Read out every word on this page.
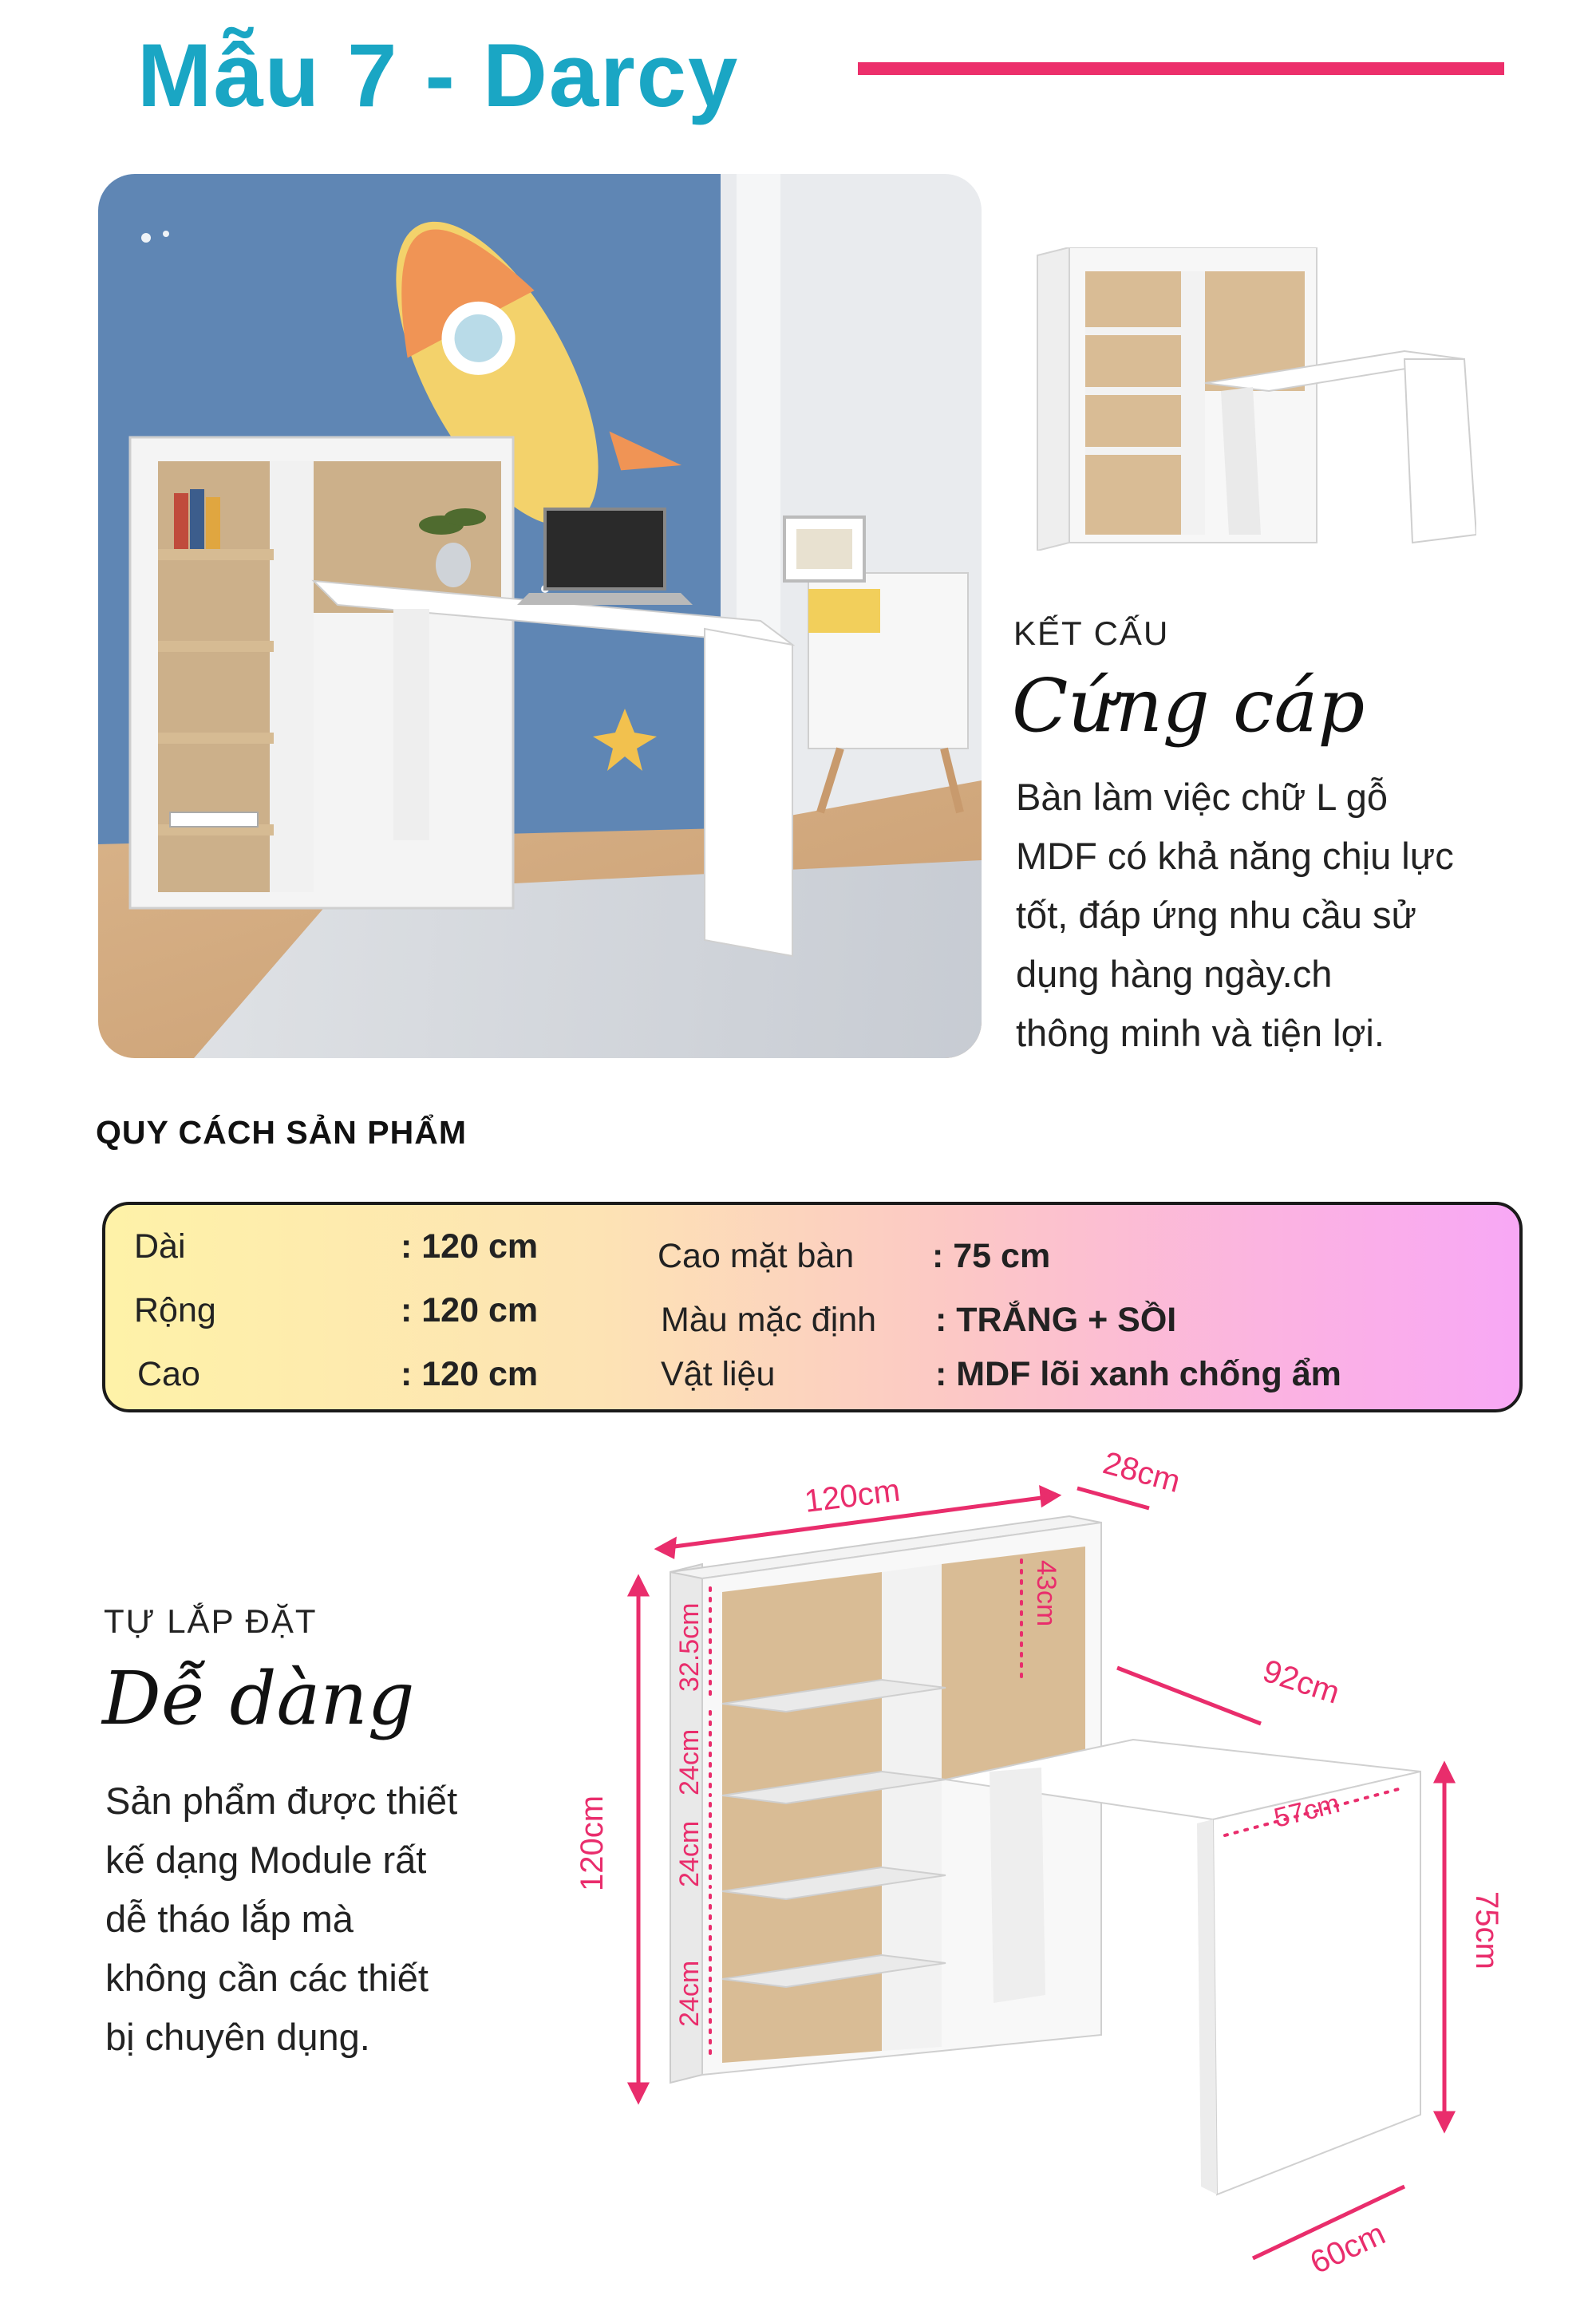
Mẫu 7 - Darcy
KẾT CẤU
Cứng cáp
Bàn làm việc chữ L gỗ
MDF có khả năng chịu lực
tốt, đáp ứng nhu cầu sử
dụng hàng ngày.ch
thông minh và tiện lợi.
QUY CÁCH SẢN PHẨM
Dài	: 120 cm
Rộng	: 120 cm
Cao	: 120 cm
Cao mặt bàn : 75 cm
Màu mặc định : TRẮNG + SỒI
Vật liệu	: MDF lõi xanh chống ẩm
TỰ LẮP ĐẶT
Dễ dàng
Sản phẩm được thiết
kế dạng Module rất
dễ tháo lắp mà
không cần các thiết
bị chuyên dụng.
120cm	28cm
120cm
32.5cm
24cm
24cm
24cm
43cm
92cm
57cm
75cm
60cm
